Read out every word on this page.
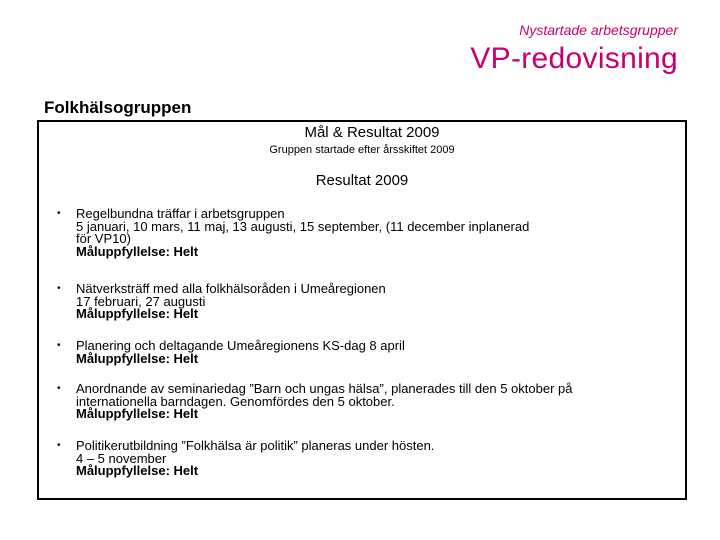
Nystartade arbetsgrupper
VP-redovisning
Folkhälsogruppen
Mål & Resultat 2009
Gruppen startade efter årsskiftet 2009
Resultat 2009
• Regelbundna träffar i arbetsgruppen
5 januari, 10 mars, 11 maj, 13 augusti, 15 september, (11 december inplanerad
för VP10)
Måluppfyllelse: Helt
• Nätverksträff med alla folkhälsoråden i Umeåregionen
17 februari, 27 augusti
Måluppfyllelse: Helt
• Planering och deltagande Umeåregionens KS-dag 8 april
Måluppfyllelse: Helt
• Anordnande av seminariedag ”Barn och ungas hälsa”, planerades till den 5 oktober på
internationella barndagen. Genomfördes den 5 oktober.
Måluppfyllelse: Helt
• Politikerutbildning ”Folkhälsa är politik” planeras under hösten.
4 – 5 november
Måluppfyllelse: Helt
